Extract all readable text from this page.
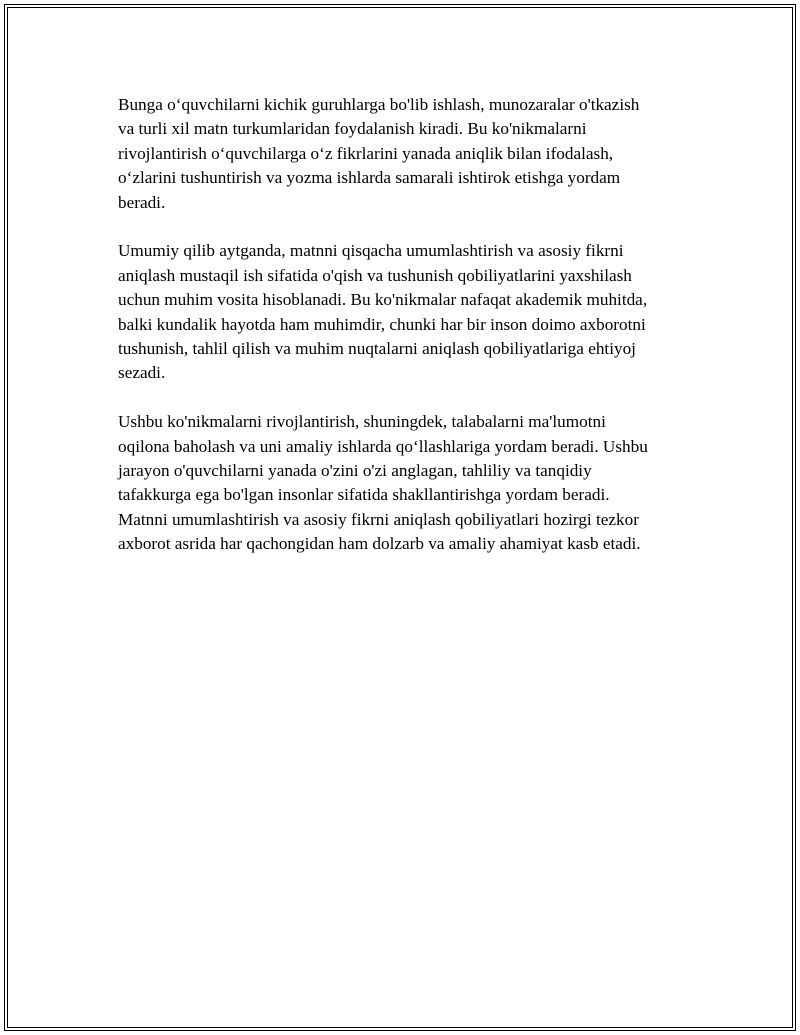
Bunga o‘quvchilarni kichik guruhlarga bo'lib ishlash, munozaralar o'tkazish
va turli xil matn turkumlaridan foydalanish kiradi. Bu ko'nikmalarni
rivojlantirish o‘quvchilarga o‘z fikrlarini yanada aniqlik bilan ifodalash,
o‘zlarini tushuntirish va yozma ishlarda samarali ishtirok etishga yordam
beradi.

Umumiy qilib aytganda, matnni qisqacha umumlashtirish va asosiy fikrni
aniqlash mustaqil ish sifatida o'qish va tushunish qobiliyatlarini yaxshilash
uchun muhim vosita hisoblanadi. Bu ko'nikmalar nafaqat akademik muhitda,
balki kundalik hayotda ham muhimdir, chunki har bir inson doimo axborotni
tushunish, tahlil qilish va muhim nuqtalarni aniqlash qobiliyatlariga ehtiyoj
sezadi.

Ushbu ko'nikmalarni rivojlantirish, shuningdek, talabalarni ma'lumotni
oqilona baholash va uni amaliy ishlarda qo‘llashlariga yordam beradi. Ushbu
jarayon o'quvchilarni yanada o'zini o'zi anglagan, tahliliy va tanqidiy
tafakkurga ega bo'lgan insonlar sifatida shakllantirishga yordam beradi.
Matnni umumlashtirish va asosiy fikrni aniqlash qobiliyatlari hozirgi tezkor
axborot asrida har qachongidan ham dolzarb va amaliy ahamiyat kasb etadi.
